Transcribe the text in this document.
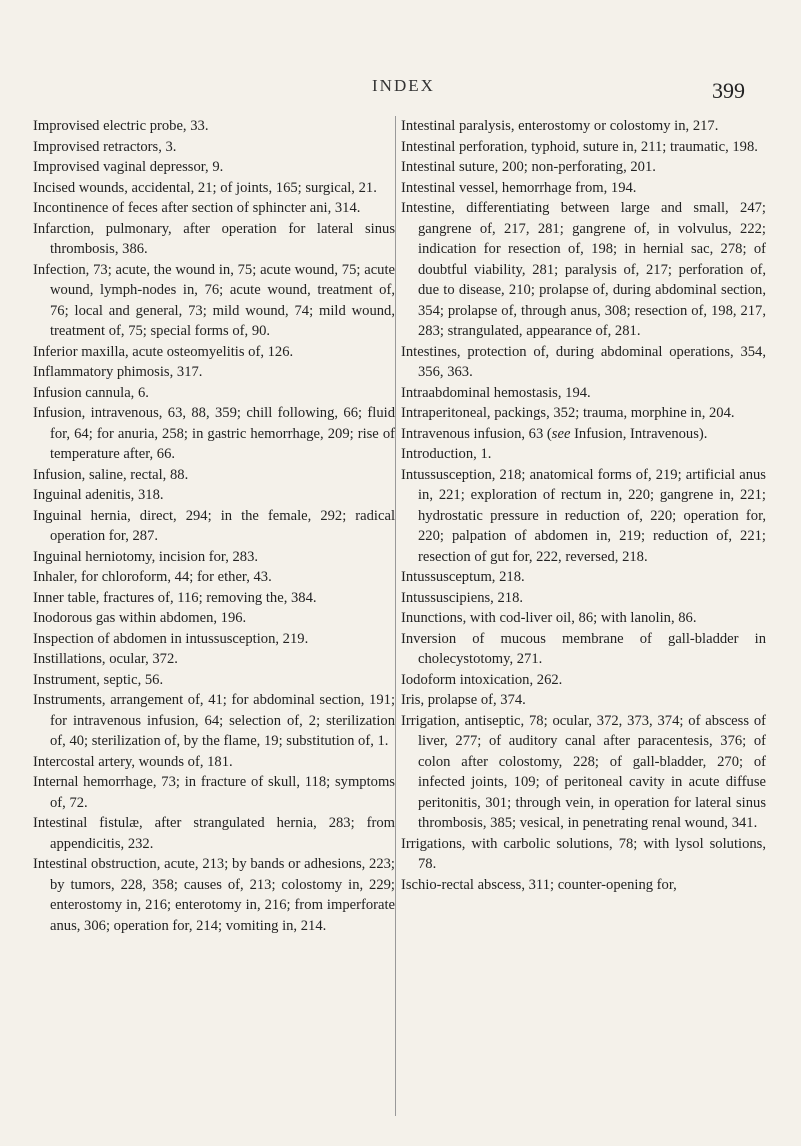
INDEX	399
Improvised electric probe, 33.
Improvised retractors, 3.
Improvised vaginal depressor, 9.
Incised wounds, accidental, 21; of joints, 165; surgical, 21.
Incontinence of feces after section of sphincter ani, 314.
Infarction, pulmonary, after operation for lateral sinus thrombosis, 386.
Infection, 73; acute, the wound in, 75; acute wound, 75; acute wound, lymph-nodes in, 76; acute wound, treatment of, 76; local and general, 73; mild wound, 74; mild wound, treatment of, 75; special forms of, 90.
Inferior maxilla, acute osteomyelitis of, 126.
Inflammatory phimosis, 317.
Infusion cannula, 6.
Infusion, intravenous, 63, 88, 359; chill following, 66; fluid for, 64; for anuria, 258; in gastric hemorrhage, 209; rise of temperature after, 66.
Infusion, saline, rectal, 88.
Inguinal adenitis, 318.
Inguinal hernia, direct, 294; in the female, 292; radical operation for, 287.
Inguinal herniotomy, incision for, 283.
Inhaler, for chloroform, 44; for ether, 43.
Inner table, fractures of, 116; removing the, 384.
Inodorous gas within abdomen, 196.
Inspection of abdomen in intussusception, 219.
Instillations, ocular, 372.
Instrument, septic, 56.
Instruments, arrangement of, 41; for abdominal section, 191; for intravenous infusion, 64; selection of, 2; sterilization of, 40; sterilization of, by the flame, 19; substitution of, 1.
Intercostal artery, wounds of, 181.
Internal hemorrhage, 73; in fracture of skull, 118; symptoms of, 72.
Intestinal fistulæ, after strangulated hernia, 283; from appendicitis, 232.
Intestinal obstruction, acute, 213; by bands or adhesions, 223; by tumors, 228, 358; causes of, 213; colostomy in, 229; enterostomy in, 216; enterotomy in, 216; from imperforate anus, 306; operation for, 214; vomiting in, 214.
Intestinal paralysis, enterostomy or colostomy in, 217.
Intestinal perforation, typhoid, suture in, 211; traumatic, 198.
Intestinal suture, 200; non-perforating, 201.
Intestinal vessel, hemorrhage from, 194.
Intestine, differentiating between large and small, 247; gangrene of, 217, 281; gangrene of, in volvulus, 222; indication for resection of, 198; in hernial sac, 278; of doubtful viability, 281; paralysis of, 217; perforation of, due to disease, 210; prolapse of, during abdominal section, 354; prolapse of, through anus, 308; resection of, 198, 217, 283; strangulated, appearance of, 281.
Intestines, protection of, during abdominal operations, 354, 356, 363.
Intraabdominal hemostasis, 194.
Intraperitoneal, packings, 352; trauma, morphine in, 204.
Intravenous infusion, 63 (see Infusion, Intravenous).
Introduction, 1.
Intussusception, 218; anatomical forms of, 219; artificial anus in, 221; exploration of rectum in, 220; gangrene in, 221; hydrostatic pressure in reduction of, 220; operation for, 220; palpation of abdomen in, 219; reduction of, 221; resection of gut for, 222, reversed, 218.
Intussusceptum, 218.
Intussuscipiens, 218.
Inunctions, with cod-liver oil, 86; with lanolin, 86.
Inversion of mucous membrane of gall-bladder in cholecystotomy, 271.
Iodoform intoxication, 262.
Iris, prolapse of, 374.
Irrigation, antiseptic, 78; ocular, 372, 373, 374; of abscess of liver, 277; of auditory canal after paracentesis, 376; of colon after colostomy, 228; of gall-bladder, 270; of infected joints, 109; of peritoneal cavity in acute diffuse peritonitis, 301; through vein, in operation for lateral sinus thrombosis, 385; vesical, in penetrating renal wound, 341.
Irrigations, with carbolic solutions, 78; with lysol solutions, 78.
Ischio-rectal abscess, 311; counter-opening for,
